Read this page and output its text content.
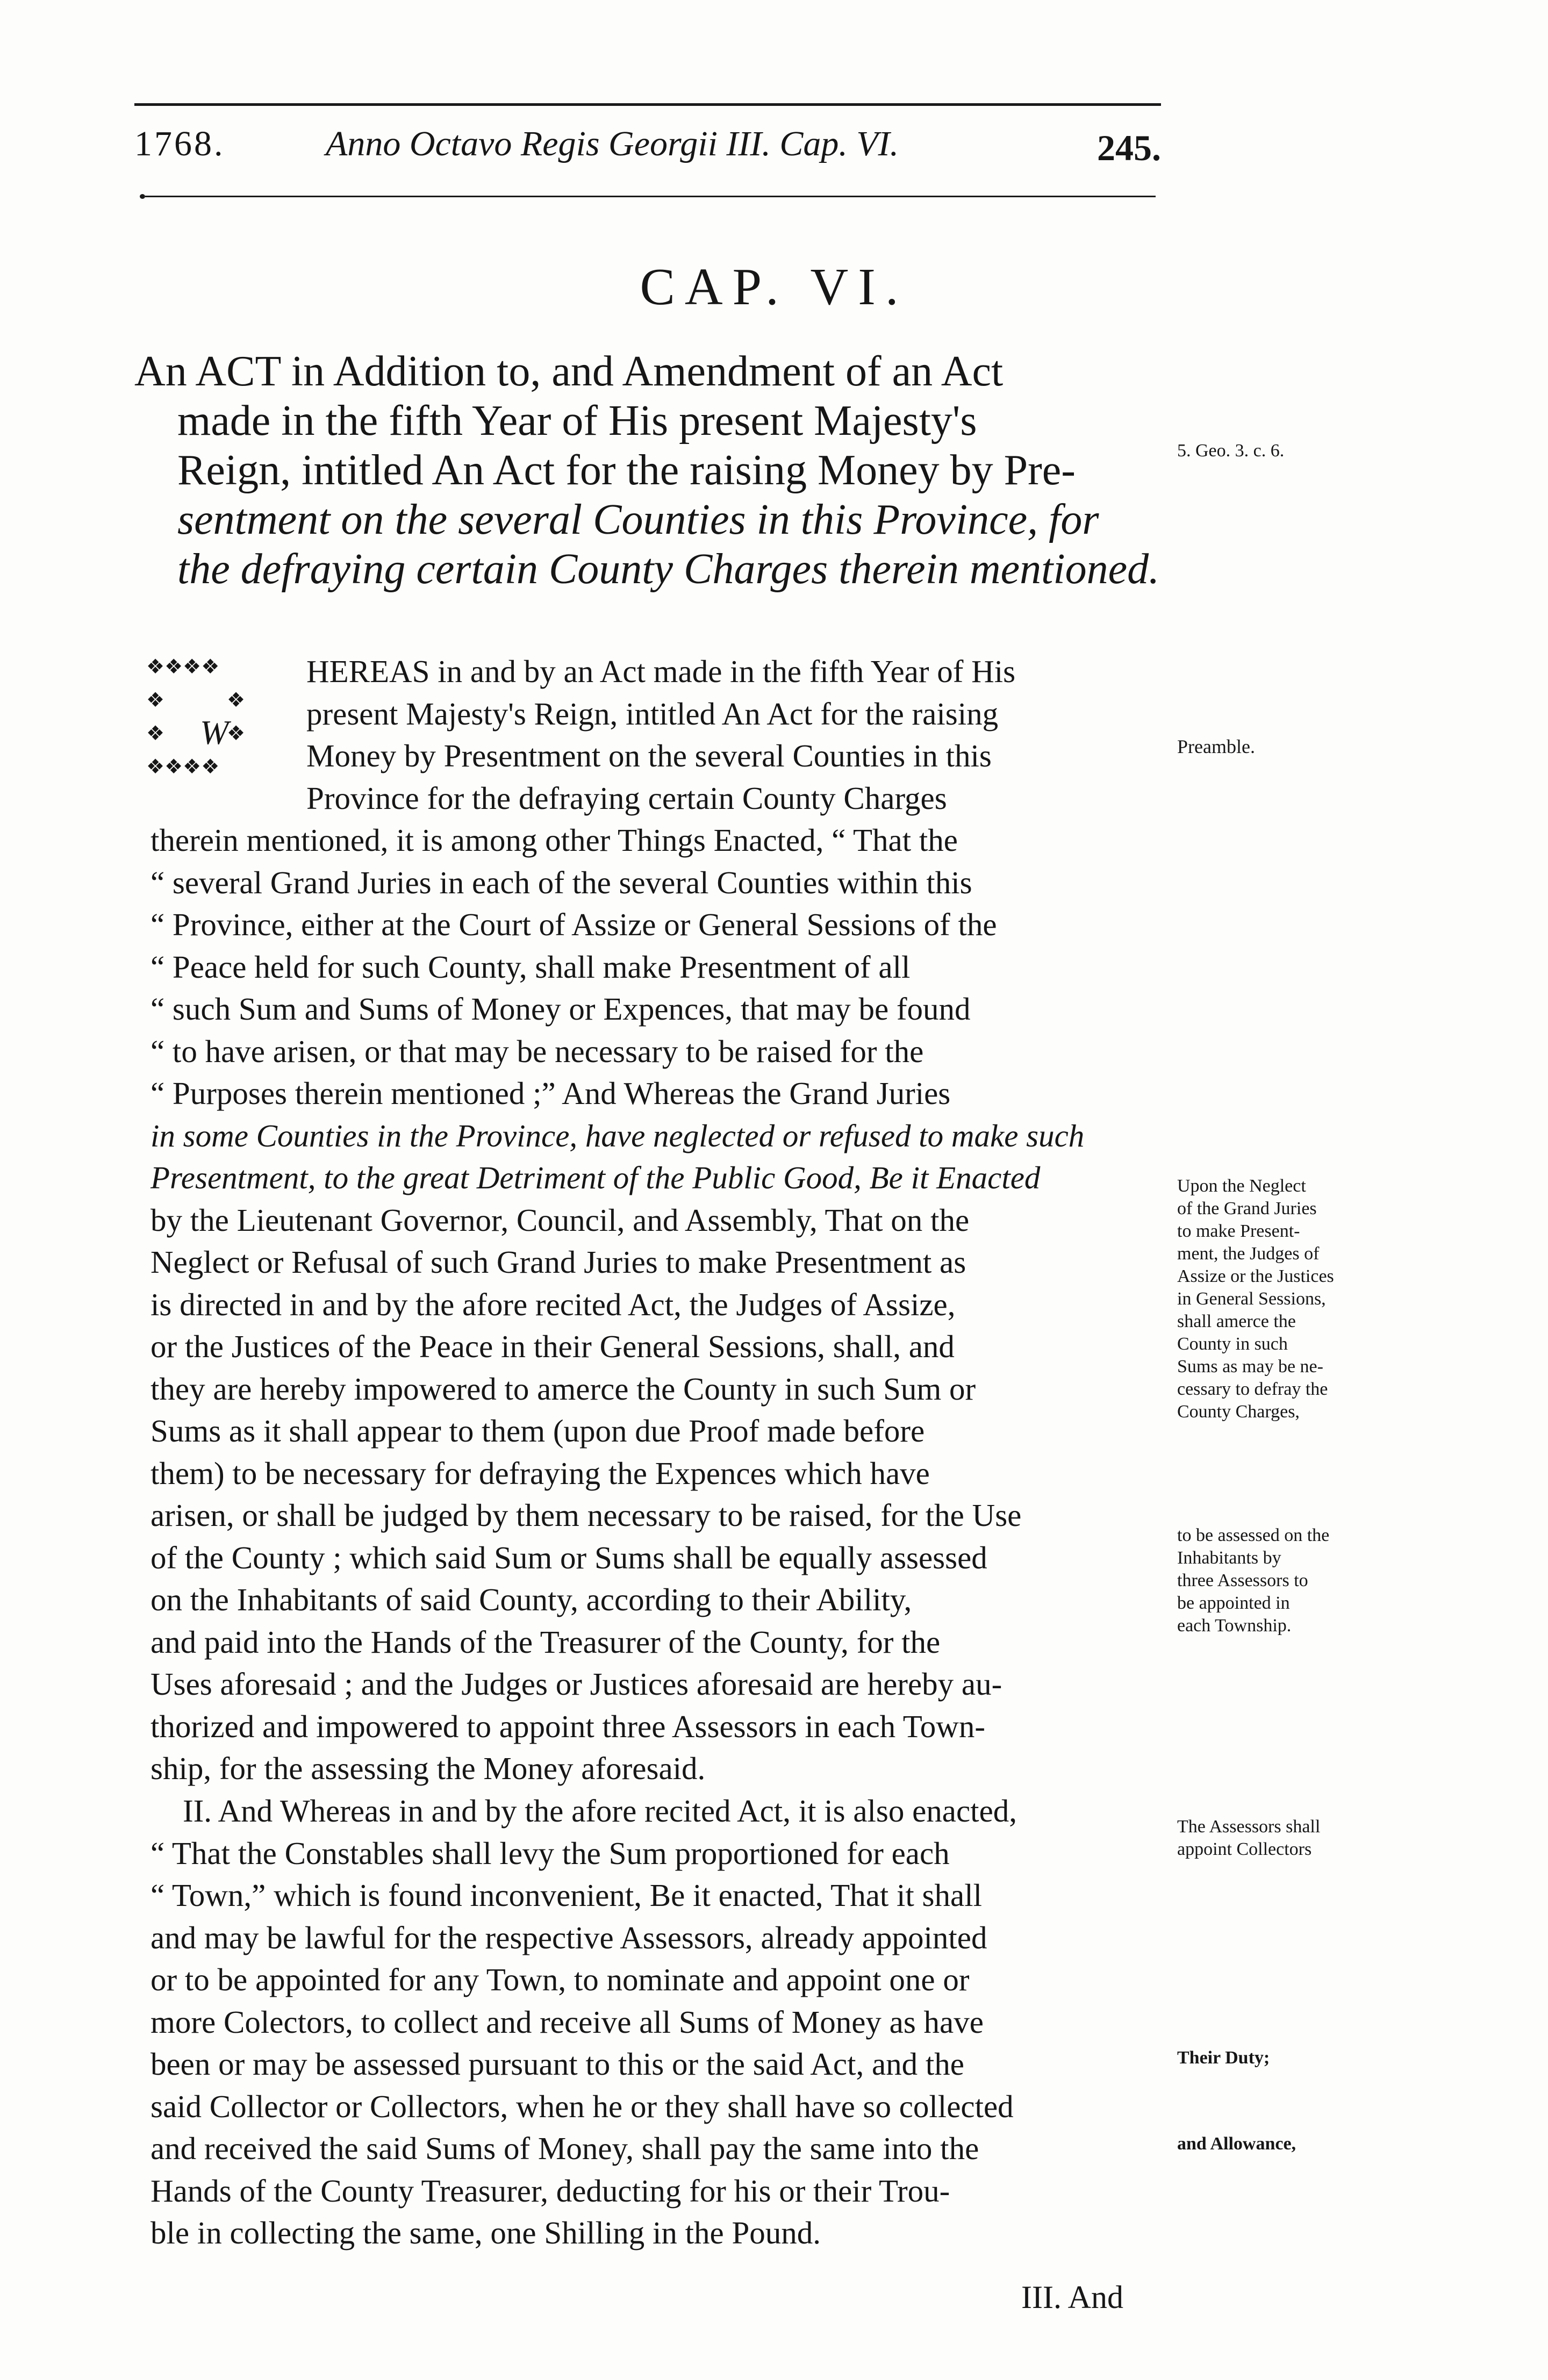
1768.	Anno Octavo Regis Georgii III. Cap. VI.	245.
CAP. VI.
An ACT in Addition to, and Amendment of an Act
made in the fifth Year of His present Majesty's
Reign, intitled An Act for the raising Money by Pre-
sentment on the several Counties in this Province, for
the defraying certain County Charges therein mentioned.
5. Geo. 3. c. 6.
❖❖❖❖
❖	❖
❖	❖
❖❖❖❖
W
HEREAS in and by an Act made in the fifth Year of His
present Majesty's Reign, intitled An Act for the raising
Money by Presentment on the several Counties in this
Province for the defraying certain County Charges
therein mentioned, it is among other Things Enacted, “ That the
“ several Grand Juries in each of the several Counties within this
“ Province, either at the Court of Assize or General Sessions of the
“ Peace held for such County, shall make Presentment of all
“ such Sum and Sums of Money or Expences, that may be found
“ to have arisen, or that may be necessary to be raised for the
“ Purposes therein mentioned ;” And Whereas the Grand Juries
in some Counties in the Province, have neglected or refused to make such
Presentment, to the great Detriment of the Public Good, Be it Enacted
by the Lieutenant Governor, Council, and Assembly, That on the
Neglect or Refusal of such Grand Juries to make Presentment as
is directed in and by the afore recited Act, the Judges of Assize,
or the Justices of the Peace in their General Sessions, shall, and
they are hereby impowered to amerce the County in such Sum or
Sums as it shall appear to them (upon due Proof made before
them) to be necessary for defraying the Expences which have
arisen, or shall be judged by them necessary to be raised, for the Use
of the County ; which said Sum or Sums shall be equally assessed
on the Inhabitants of said County, according to their Ability,
and paid into the Hands of the Treasurer of the County, for the
Uses aforesaid ; and the Judges or Justices aforesaid are hereby au-
thorized and impowered to appoint three Assessors in each Town-
ship, for the assessing the Money aforesaid.
Preamble.
Upon the Neglect
of the Grand Juries
to make Present-
ment, the Judges of
Assize or the Justices
in General Sessions,
shall amerce the
County in such
Sums as may be ne-
cessary to defray the
County Charges,
to be assessed on the
Inhabitants by
three Assessors to
be appointed in
each Township.
II. And Whereas in and by the afore recited Act, it is also enacted,
“ That the Constables shall levy the Sum proportioned for each
“ Town,” which is found inconvenient, Be it enacted, That it shall
and may be lawful for the respective Assessors, already appointed
or to be appointed for any Town, to nominate and appoint one or
more Colectors, to collect and receive all Sums of Money as have
been or may be assessed pursuant to this or the said Act, and the
said Collector or Collectors, when he or they shall have so collected
and received the said Sums of Money, shall pay the same into the
Hands of the County Treasurer, deducting for his or their Trou-
ble in collecting the same, one Shilling in the Pound.
The Assessors shall
appoint Collectors
Their Duty;
and Allowance,
III. And
